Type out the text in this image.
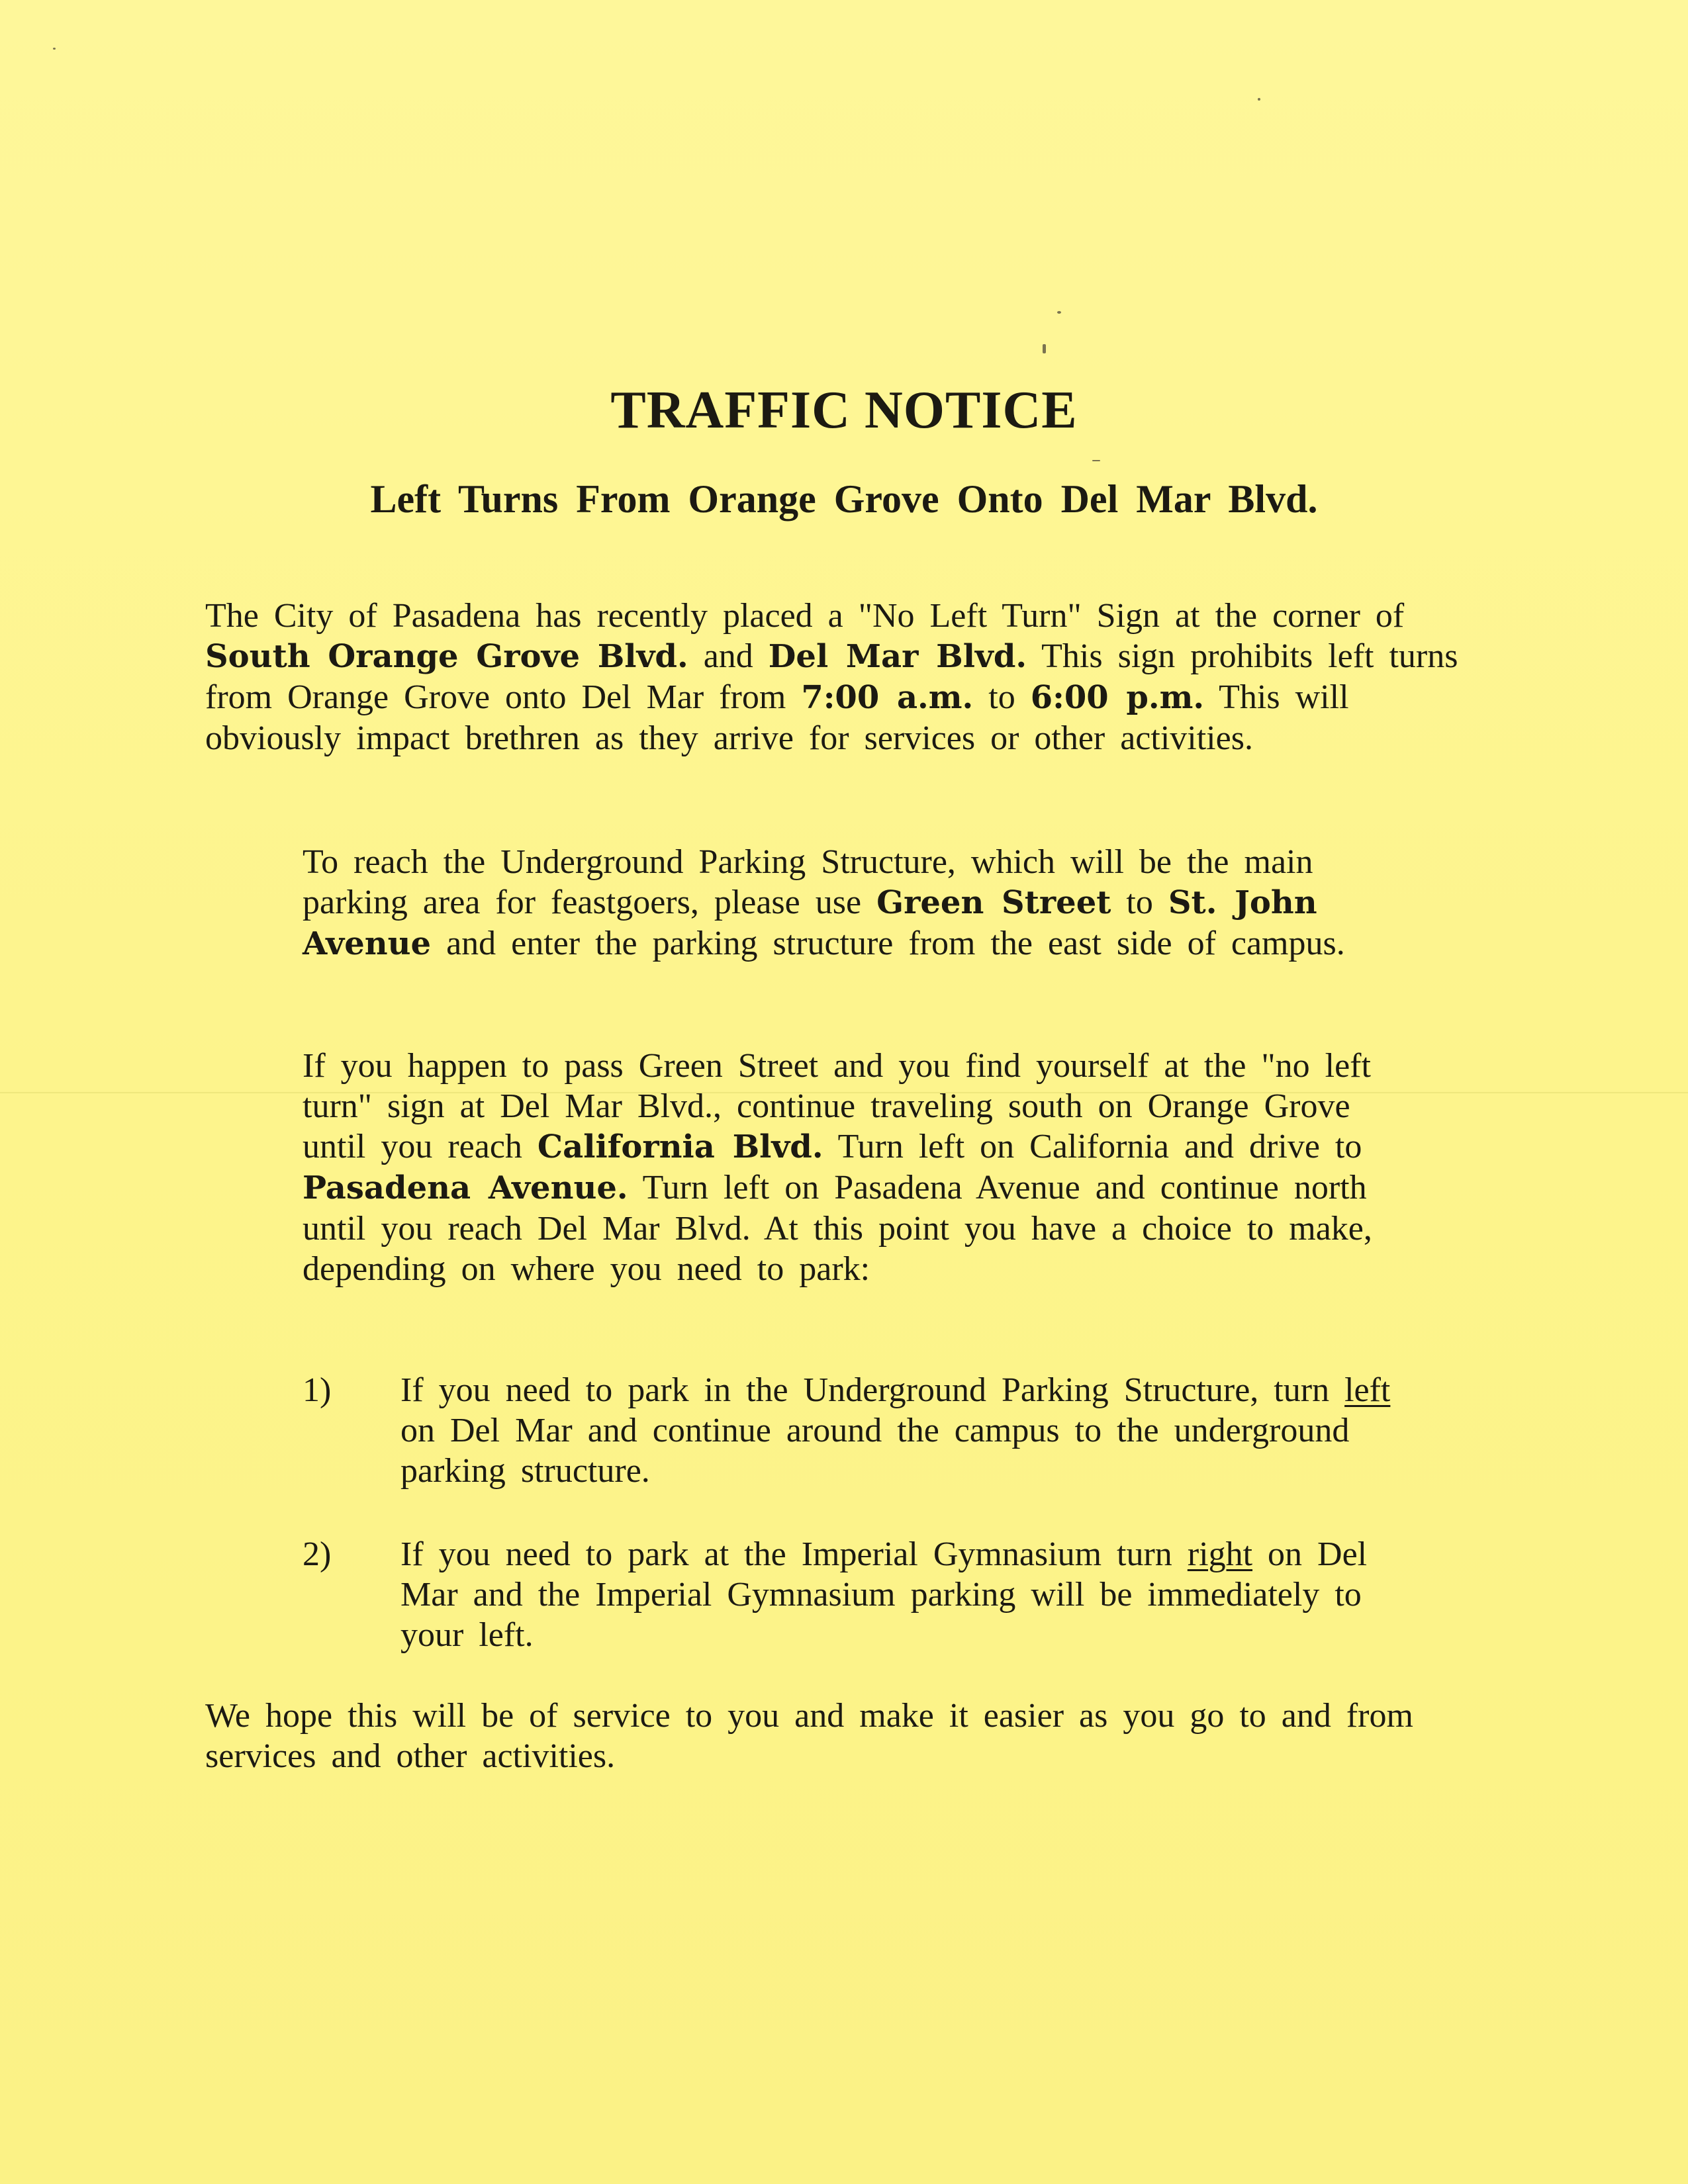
TRAFFIC NOTICE
Left Turns From Orange Grove Onto Del Mar Blvd.
The City of Pasadena has recently placed a "No Left Turn" Sign at the corner of South Orange Grove Blvd. and Del Mar Blvd. This sign prohibits left turns from Orange Grove onto Del Mar from 7:00 a.m. to 6:00 p.m. This will obviously impact brethren as they arrive for services or other activities.
To reach the Underground Parking Structure, which will be the main parking area for feastgoers, please use Green Street to St. John Avenue and enter the parking structure from the east side of campus.
If you happen to pass Green Street and you find yourself at the "no left turn" sign at Del Mar Blvd., continue traveling south on Orange Grove until you reach California Blvd. Turn left on California and drive to Pasadena Avenue. Turn left on Pasadena Avenue and continue north until you reach Del Mar Blvd. At this point you have a choice to make, depending on where you need to park:
1)	If you need to park in the Underground Parking Structure, turn left on Del Mar and continue around the campus to the underground parking structure.
2)	If you need to park at the Imperial Gymnasium turn right on Del Mar and the Imperial Gymnasium parking will be immediately to your left.
We hope this will be of service to you and make it easier as you go to and from services and other activities.
